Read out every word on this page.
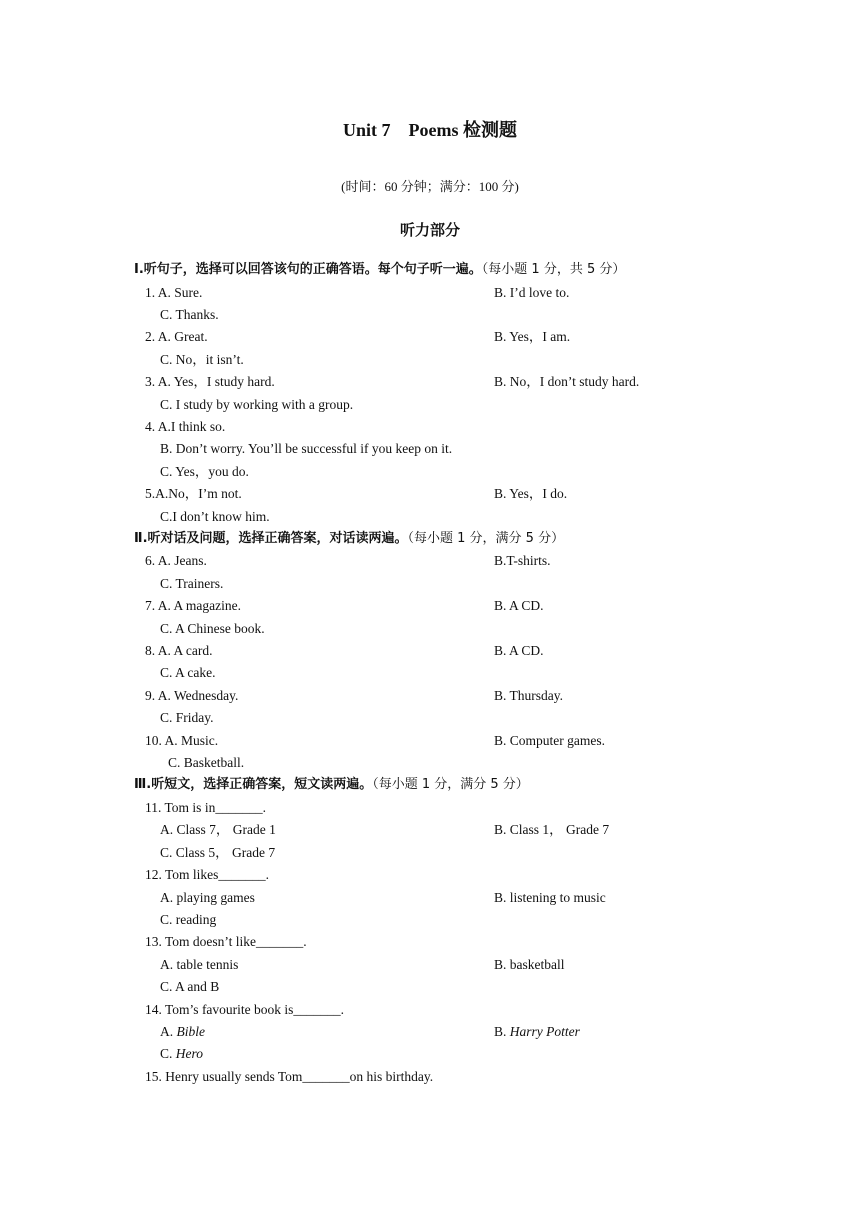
Unit 7　Poems 检测题
(时间：60 分钟；满分：100 分)
听力部分
Ⅰ.听句子，选择可以回答该句的正确答语。每个句子听一遍。（每小题 1 分，共 5 分）
1. A. Sure.	B. I’d love to.
C. Thanks.
2. A. Great.	B. Yes，I am.
C. No，it isn’t.
3. A. Yes，I study hard.	B. No，I don’t study hard.
C. I study by working with a group.
4. A.I think so.
B. Don’t worry. You’ll be successful if you keep on it.
C. Yes，you do.
5.A.No，I’m not.	B. Yes，I do.
C.I don’t know him.
Ⅱ.听对话及问题，选择正确答案，对话读两遍。（每小题 1 分，满分 5 分）
6. A. Jeans.	B.T-shirts.
C. Trainers.
7. A. A magazine.	B. A CD.
C. A Chinese book.
8. A. A card.	B. A CD.
C. A cake.
9. A. Wednesday.	B. Thursday.
C. Friday.
10. A. Music.	B. Computer games.
C. Basketball.
Ⅲ.听短文，选择正确答案，短文读两遍。（每小题 1 分，满分 5 分）
11. Tom is in_______.
A. Class 7， Grade 1	B. Class 1， Grade 7
C. Class 5， Grade 7
12. Tom likes_______.
A. playing games	B. listening to music
C. reading
13. Tom doesn’t like_______.
A. table tennis	B. basketball
C. A and B
14. Tom’s favourite book is_______.
A. Bible	B. Harry Potter
C. Hero
15. Henry usually sends Tom_______on his birthday.
